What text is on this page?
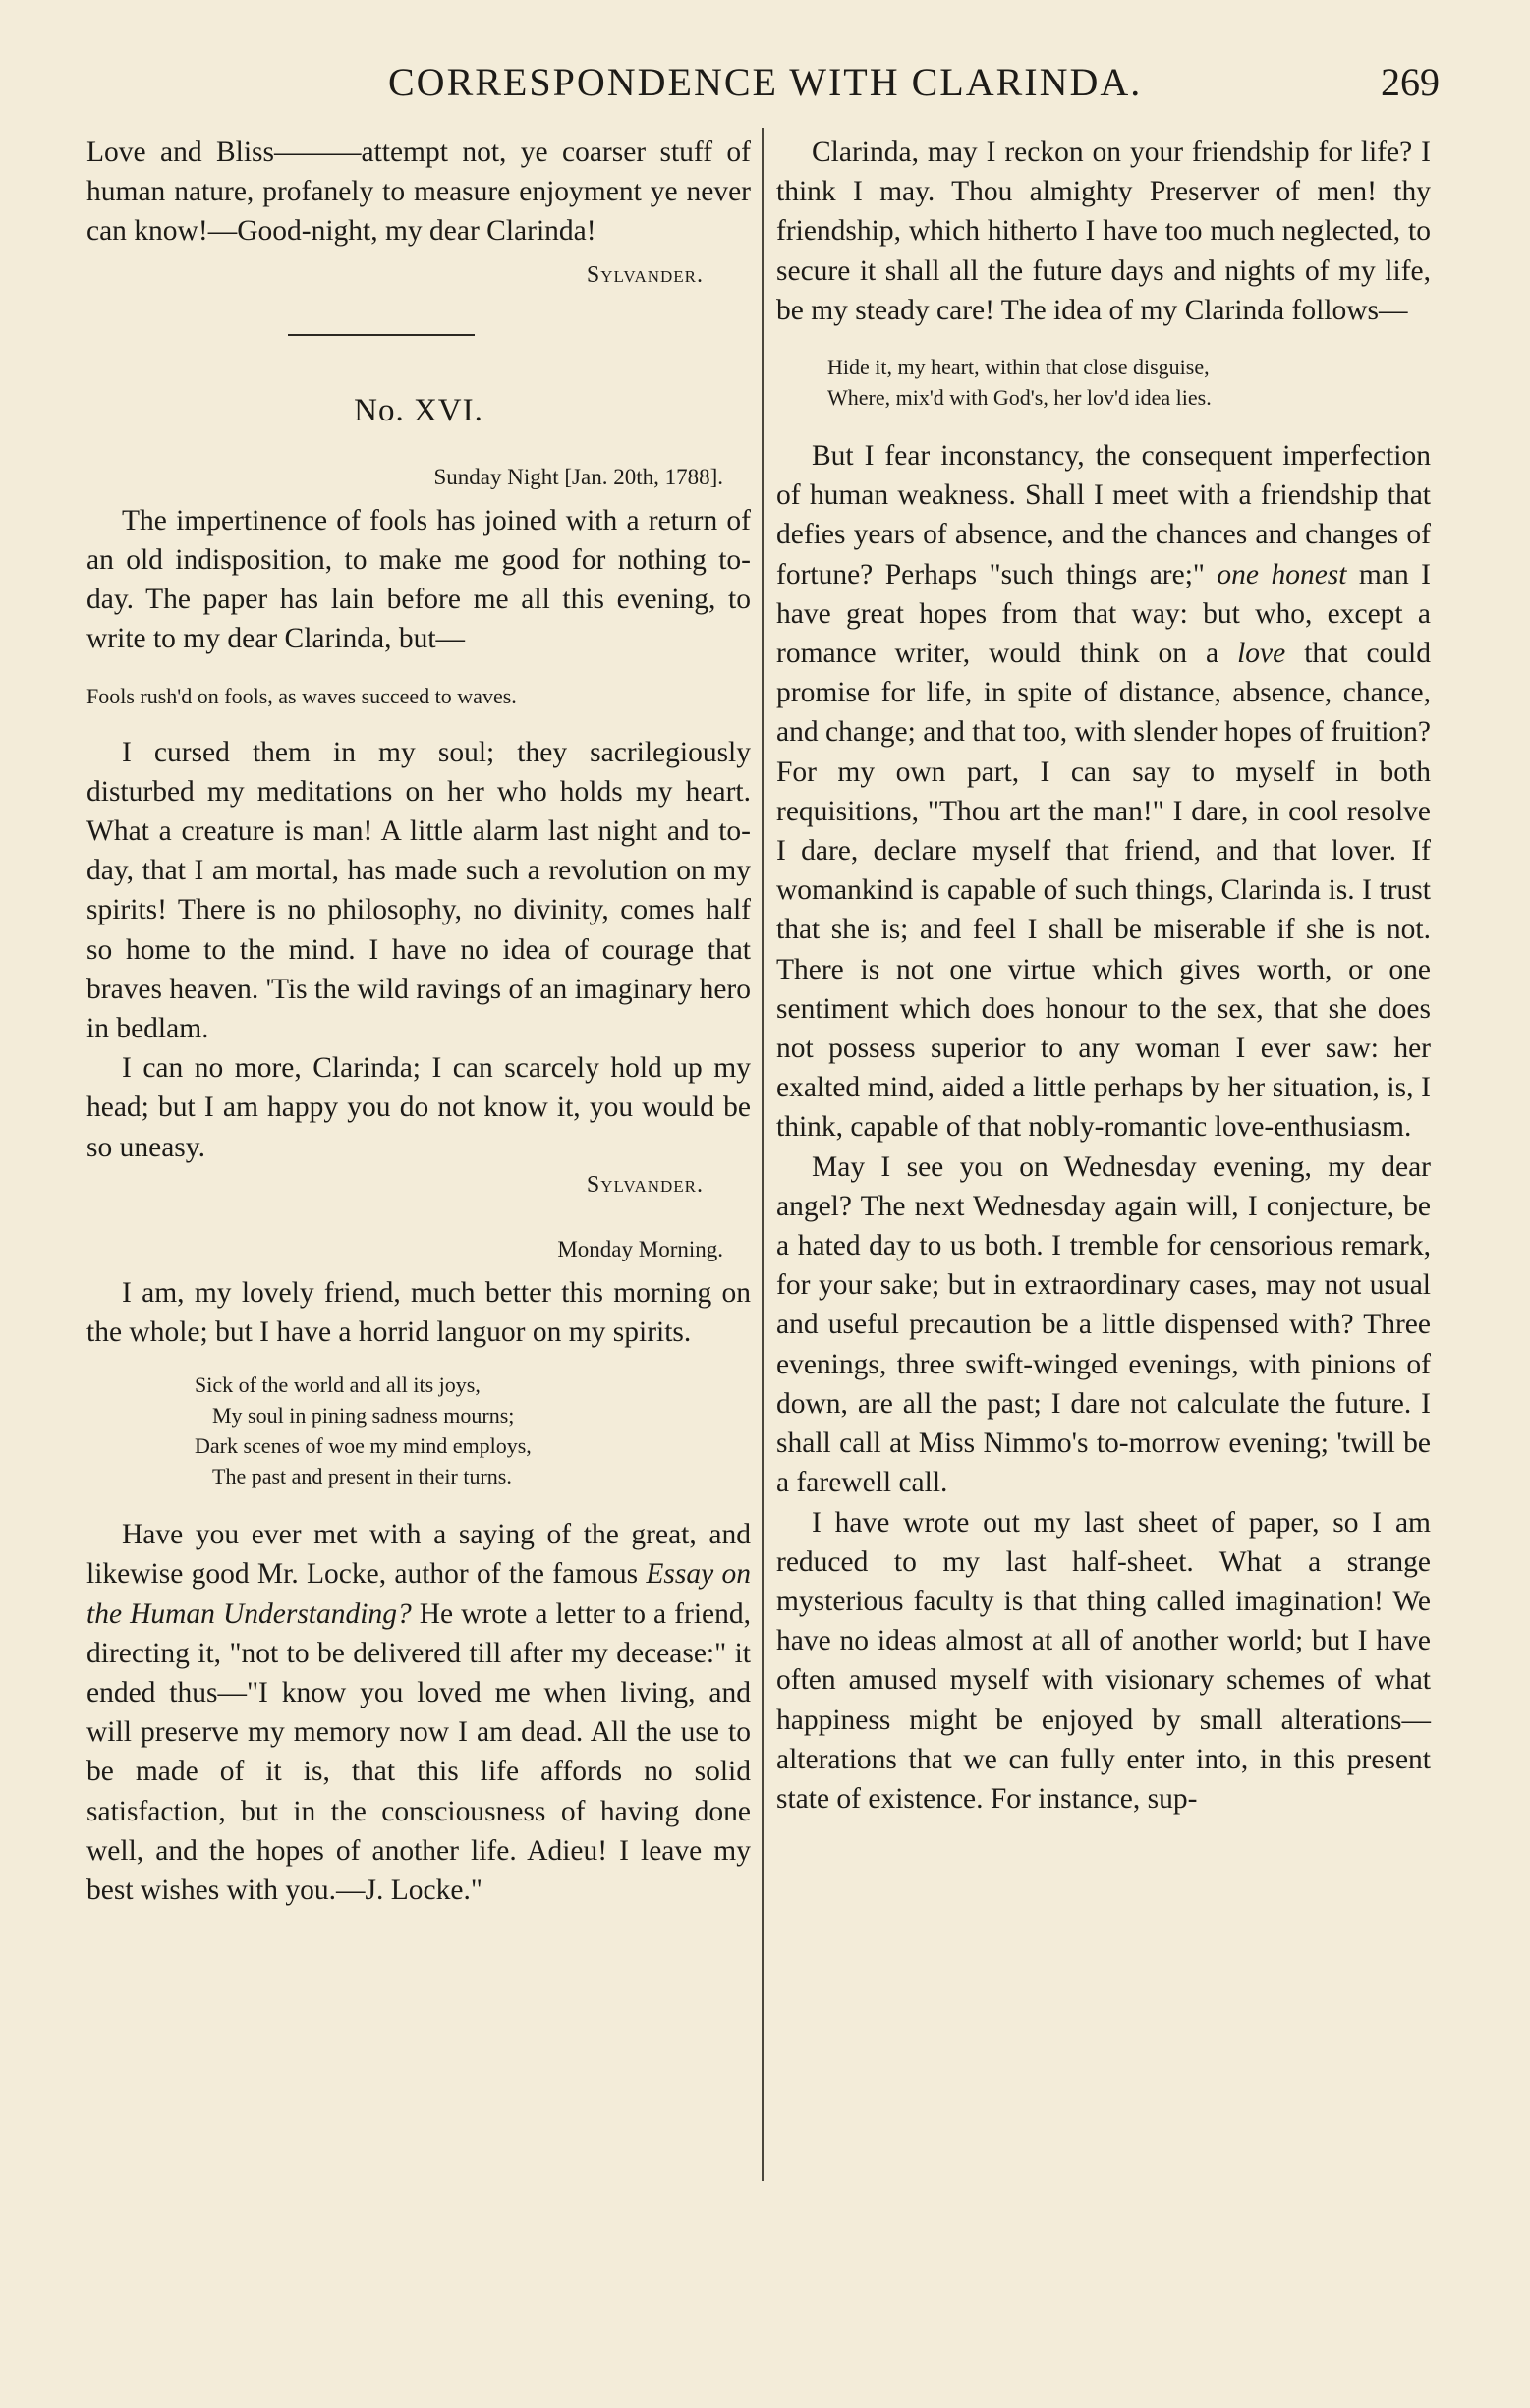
CORRESPONDENCE WITH CLARINDA.	269

Love and Bliss———attempt not, ye coarser stuff of human nature, profanely to measure enjoyment ye never can know!—Good-night, my dear Clarinda!

Sylvander.

No. XVI.

Sunday Night [Jan. 20th, 1788].

The impertinence of fools has joined with a return of an old indisposition, to make me good for nothing to-day. The paper has lain before me all this evening, to write to my dear Clarinda, but—

Fools rush'd on fools, as waves succeed to waves.

I cursed them in my soul; they sacrilegiously disturbed my meditations on her who holds my heart. What a creature is man! A little alarm last night and to-day, that I am mortal, has made such a revolution on my spirits! There is no philosophy, no divinity, comes half so home to the mind. I have no idea of courage that braves heaven. 'Tis the wild ravings of an imaginary hero in bedlam.

I can no more, Clarinda; I can scarcely hold up my head; but I am happy you do not know it, you would be so uneasy.

Sylvander.

Monday Morning.

I am, my lovely friend, much better this morning on the whole; but I have a horrid languor on my spirits.

Sick of the world and all its joys,

My soul in pining sadness mourns;

Dark scenes of woe my mind employs,

The past and present in their turns.

Have you ever met with a saying of the great, and likewise good Mr. Locke, author of the famous Essay on the Human Understanding? He wrote a letter to a friend, directing it, "not to be delivered till after my decease:" it ended thus—"I know you loved me when living, and will preserve my memory now I am dead. All the use to be made of it is, that this life affords no solid satisfaction, but in the consciousness of having done well, and the hopes of another life. Adieu! I leave my best wishes with you.—J. Locke."

Clarinda, may I reckon on your friendship for life? I think I may. Thou almighty Preserver of men! thy friendship, which hitherto I have too much neglected, to secure it shall all the future days and nights of my life, be my steady care! The idea of my Clarinda follows—

Hide it, my heart, within that close disguise,

Where, mix'd with God's, her lov'd idea lies.

But I fear inconstancy, the consequent imperfection of human weakness. Shall I meet with a friendship that defies years of absence, and the chances and changes of fortune? Perhaps "such things are;" one honest man I have great hopes from that way: but who, except a romance writer, would think on a love that could promise for life, in spite of distance, absence, chance, and change; and that too, with slender hopes of fruition? For my own part, I can say to myself in both requisitions, "Thou art the man!" I dare, in cool resolve I dare, declare myself that friend, and that lover. If womankind is capable of such things, Clarinda is. I trust that she is; and feel I shall be miserable if she is not. There is not one virtue which gives worth, or one sentiment which does honour to the sex, that she does not possess superior to any woman I ever saw: her exalted mind, aided a little perhaps by her situation, is, I think, capable of that nobly-romantic love-enthusiasm.

May I see you on Wednesday evening, my dear angel? The next Wednesday again will, I conjecture, be a hated day to us both. I tremble for censorious remark, for your sake; but in extraordinary cases, may not usual and useful precaution be a little dispensed with? Three evenings, three swift-winged evenings, with pinions of down, are all the past; I dare not calculate the future. I shall call at Miss Nimmo's to-morrow evening; 'twill be a farewell call.

I have wrote out my last sheet of paper, so I am reduced to my last half-sheet. What a strange mysterious faculty is that thing called imagination! We have no ideas almost at all of another world; but I have often amused myself with visionary schemes of what happiness might be enjoyed by small alterations—alterations that we can fully enter into, in this present state of existence. For instance, sup-
